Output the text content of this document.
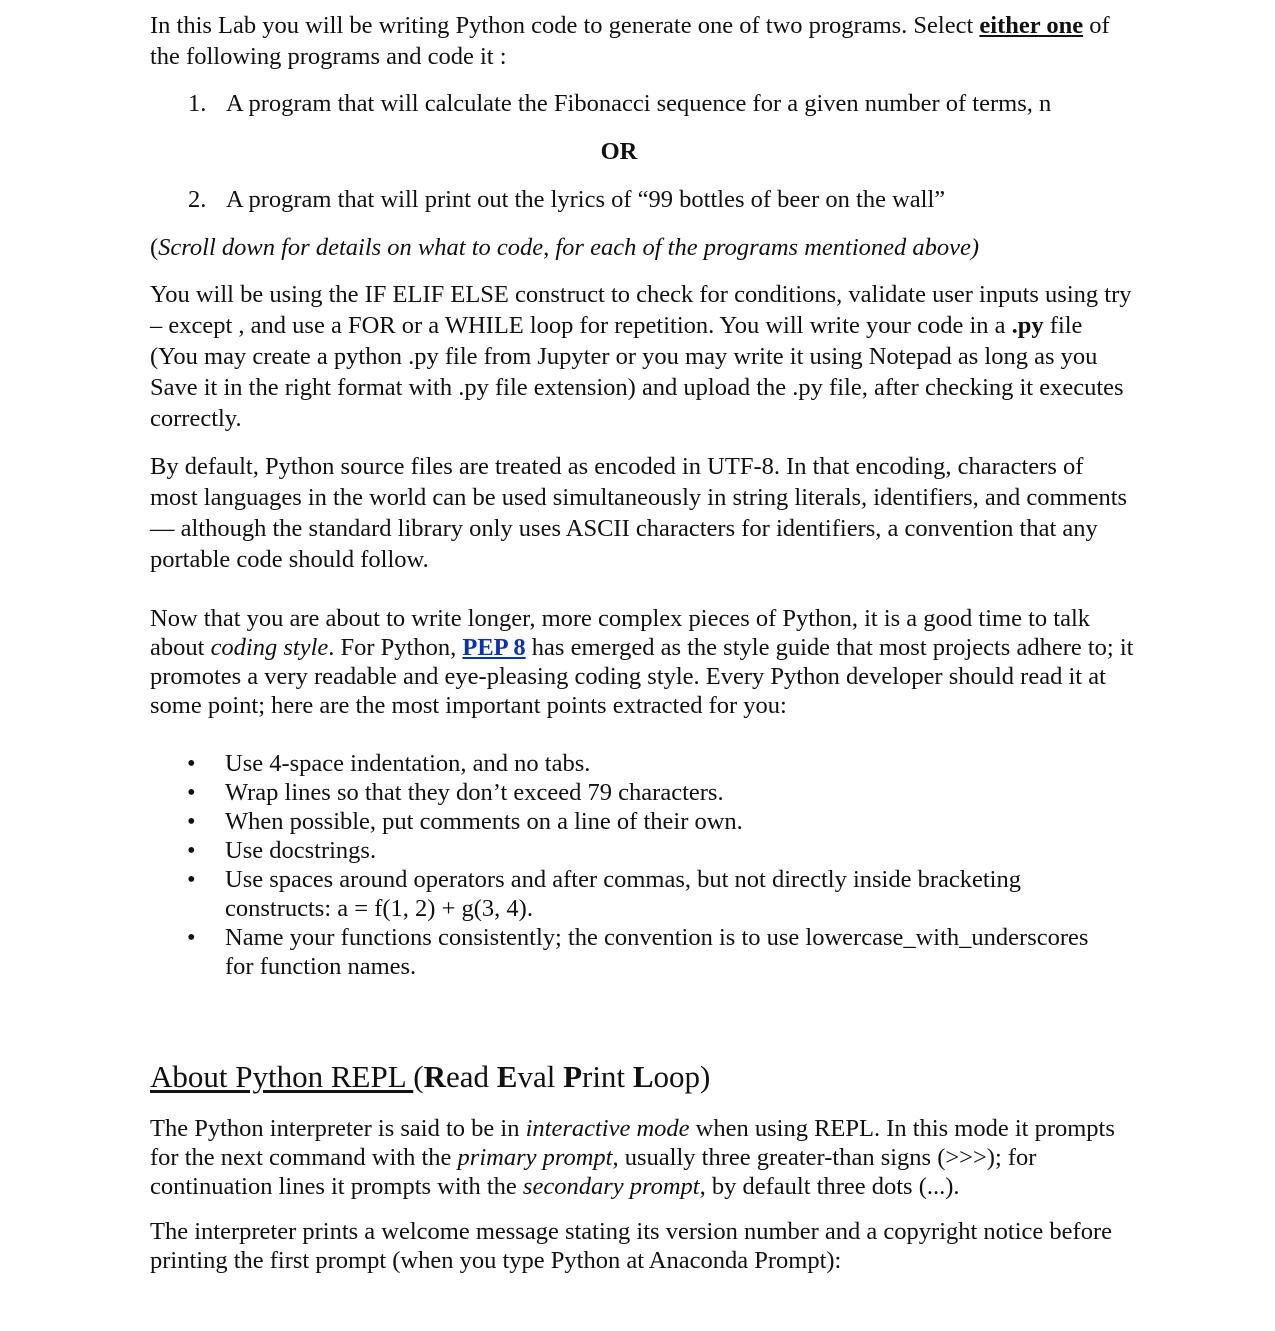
In this Lab you will be writing Python code to generate one of two programs. Select either one of the following programs and code it :

1. A program that will calculate the Fibonacci sequence for a given number of terms, n
OR
2. A program that will print out the lyrics of “99 bottles of beer on the wall”
(Scroll down for details on what to code, for each of the programs mentioned above)

You will be using the IF ELIF ELSE construct to check for conditions, validate user inputs using try – except , and use a FOR or a WHILE loop for repetition. You will write your code in a .py file (You may create a python .py file from Jupyter or you may write it using Notepad as long as you Save it in the right format with .py file extension) and upload the .py file, after checking it executes correctly.

By default, Python source files are treated as encoded in UTF-8. In that encoding, characters of most languages in the world can be used simultaneously in string literals, identifiers, and comments — although the standard library only uses ASCII characters for identifiers, a convention that any portable code should follow.

Now that you are about to write longer, more complex pieces of Python, it is a good time to talk about coding style. For Python, PEP 8 has emerged as the style guide that most projects adhere to; it promotes a very readable and eye-pleasing coding style. Every Python developer should read it at some point; here are the most important points extracted for you:

• Use 4-space indentation, and no tabs.
• Wrap lines so that they don’t exceed 79 characters.
• When possible, put comments on a line of their own.
• Use docstrings.
• Use spaces around operators and after commas, but not directly inside bracketing constructs: a = f(1, 2) + g(3, 4).
• Name your functions consistently; the convention is to use lowercase_with_underscores for function names.
About Python REPL (Read Eval Print Loop)

The Python interpreter is said to be in interactive mode when using REPL. In this mode it prompts for the next command with the primary prompt, usually three greater-than signs (>>>); for continuation lines it prompts with the secondary prompt, by default three dots (...).

The interpreter prints a welcome message stating its version number and a copyright notice before printing the first prompt (when you type Python at Anaconda Prompt):
